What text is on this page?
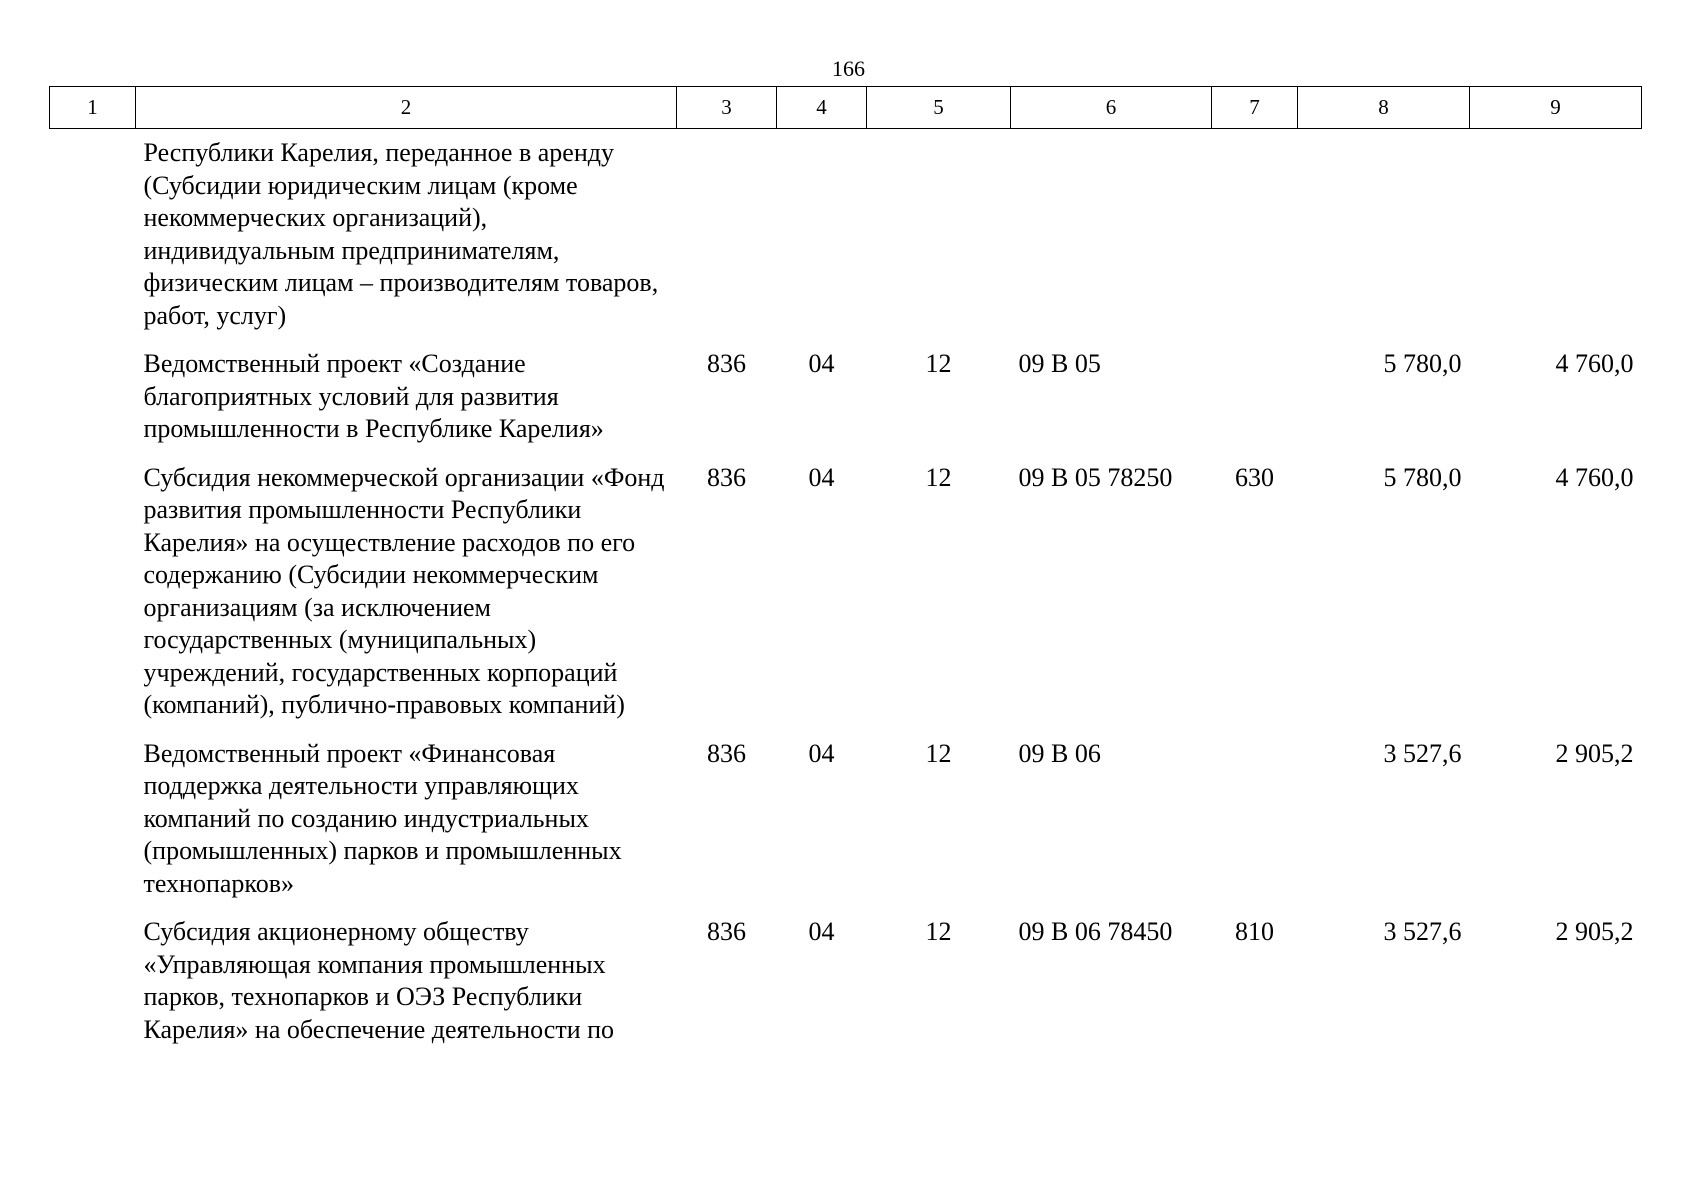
166
1	2	3	4	5	6	7	8	9
	Республики Карелия, переданное в аренду (Субсидии юридическим лицам (кроме некоммерческих организаций), индивидуальным предпринимателям, физическим лицам – производителям товаров, работ, услуг)							
	Ведомственный проект «Создание благоприятных условий для развития промышленности в Республике Карелия»	836	04	12	09 В 05		5 780,0	4 760,0
	Субсидия некоммерческой организации «Фонд развития промышленности Республики Карелия» на осуществление расходов по его содержанию (Субсидии некоммерческим организациям (за исключением государственных (муниципальных) учреждений, государственных корпораций (компаний), публично-правовых компаний)	836	04	12	09 В 05 78250	630	5 780,0	4 760,0
	Ведомственный проект «Финансовая поддержка деятельности управляющих компаний по созданию индустриальных (промышленных) парков и промышленных технопарков»	836	04	12	09 В 06		3 527,6	2 905,2
	Субсидия акционерному обществу «Управляющая компания промышленных парков, технопарков и ОЭЗ Республики Карелия» на обеспечение деятельности по	836	04	12	09 В 06 78450	810	3 527,6	2 905,2
